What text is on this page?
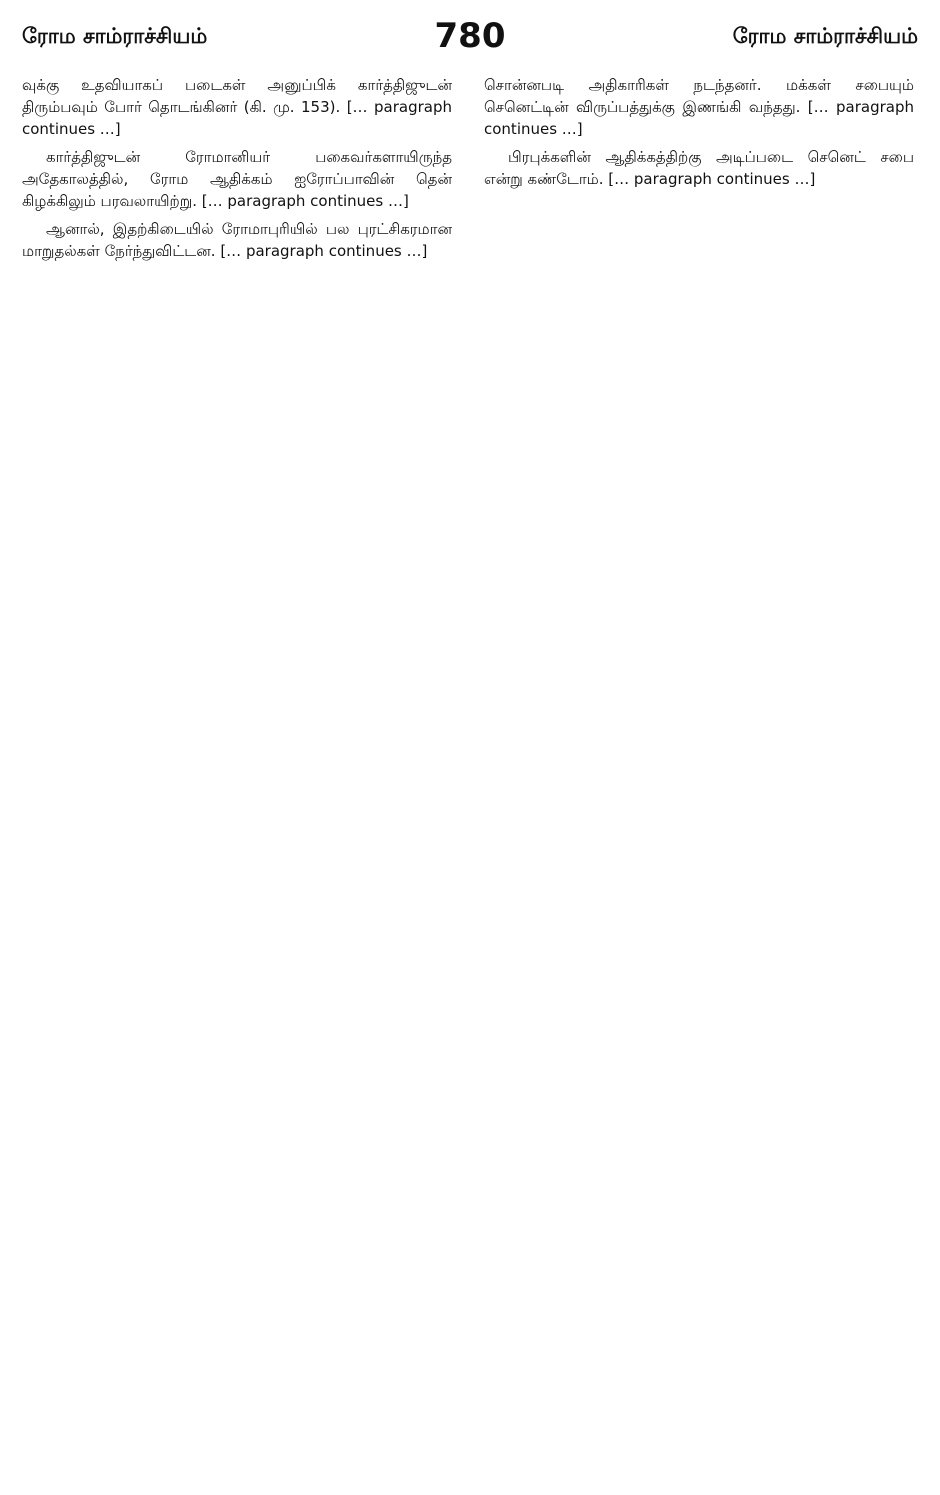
ரோம சாம்ராச்சியம்	780	ரோம சாம்ராச்சியம்

வுக்கு உதவியாகப் படைகள் அனுப்பிக் கார்த்திஜுடன் திரும்பவும் போர் தொடங்கினர் (கி. மு. 153). [… paragraph continues …]

கார்த்திஜுடன் ரோமானியர் பகைவர்களாயிருந்த அதேகாலத்தில், ரோம ஆதிக்கம் ஐரோப்பாவின் தென் கிழக்கிலும் பரவலாயிற்று. [… paragraph continues …]

ஆனால், இதற்கிடையில் ரோமாபுரியில் பல புரட்சிகரமான மாறுதல்கள் நேர்ந்துவிட்டன. [… paragraph continues …]

சொன்னபடி அதிகாரிகள் நடந்தனர். மக்கள் சபையும் செனெட்டின் விருப்பத்துக்கு இணங்கி வந்தது. [… paragraph continues …]

பிரபுக்களின் ஆதிக்கத்திற்கு அடிப்படை செனெட் சபை என்று கண்டோம். [… paragraph continues …]
